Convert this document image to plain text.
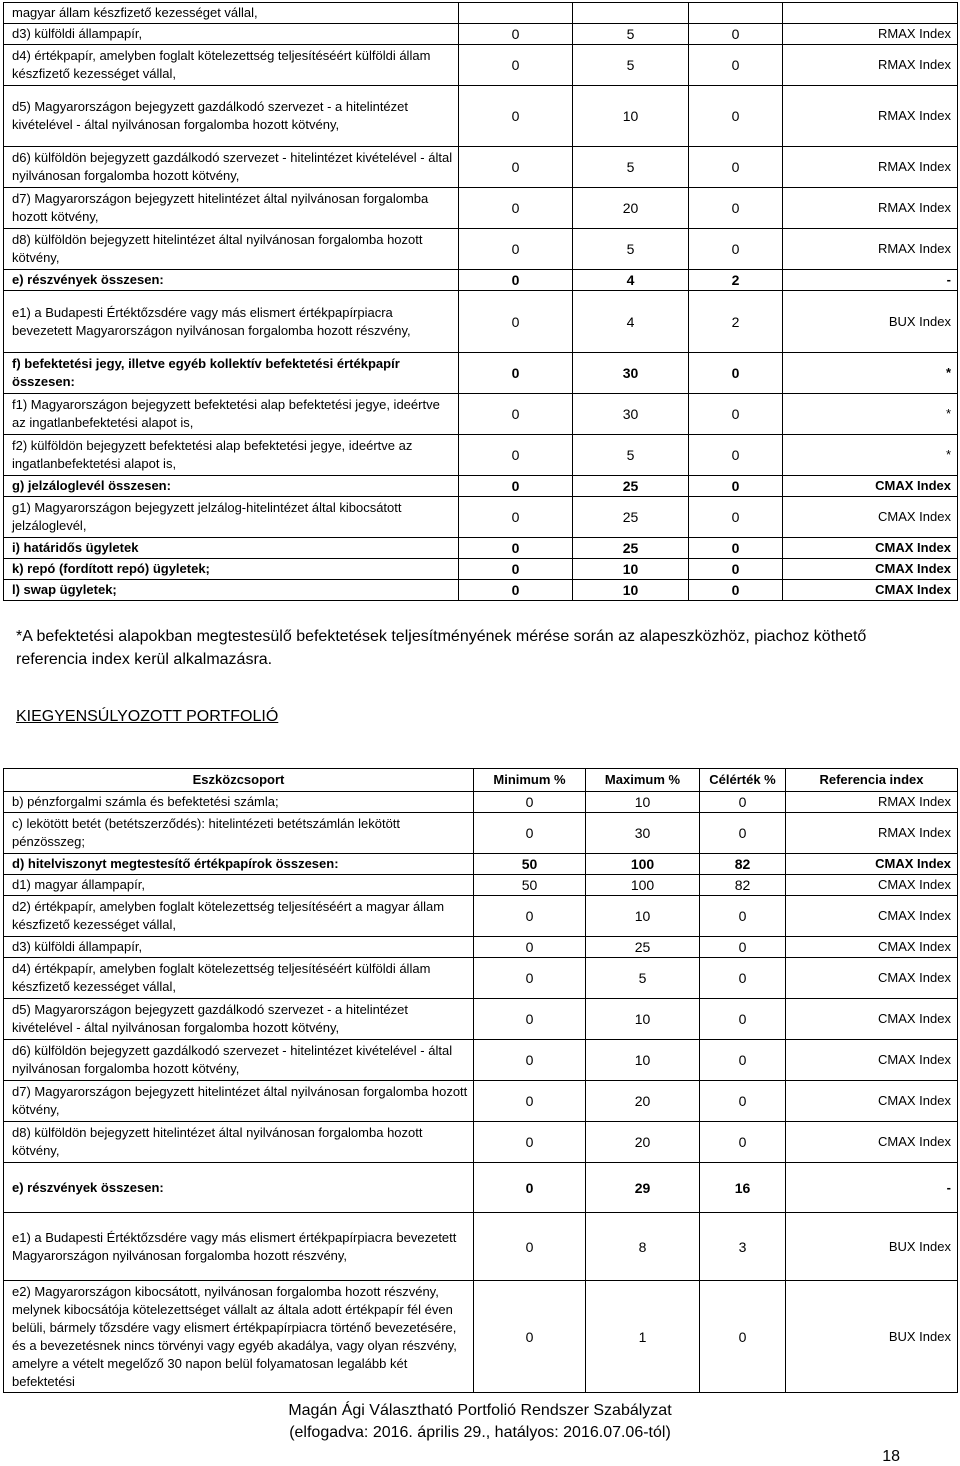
magyar állam készfizető kezességet vállal,				
d3) külföldi állampapír,	0	5	0	RMAX Index
d4) értékpapír, amelyben foglalt kötelezettség teljesítéséért külföldi állam készfizető kezességet vállal,	0	5	0	RMAX Index
d5) Magyarországon bejegyzett gazdálkodó szervezet - a hitelintézet kivételével - által nyilvánosan forgalomba hozott kötvény,	0	10	0	RMAX Index
d6) külföldön bejegyzett gazdálkodó szervezet - hitelintézet kivételével - által nyilvánosan forgalomba hozott kötvény,	0	5	0	RMAX Index
d7) Magyarországon bejegyzett hitelintézet által nyilvánosan forgalomba hozott kötvény,	0	20	0	RMAX Index
d8) külföldön bejegyzett hitelintézet által nyilvánosan forgalomba hozott kötvény,	0	5	0	RMAX Index
e) részvények összesen:	0	4	2	-
e1) a Budapesti Értéktőzsdére vagy más elismert értékpapírpiacra bevezetett Magyarországon nyilvánosan forgalomba hozott részvény,	0	4	2	BUX Index
f) befektetési jegy, illetve egyéb kollektív befektetési értékpapír összesen:	0	30	0	*
f1) Magyarországon bejegyzett befektetési alap befektetési jegye, ideértve az ingatlanbefektetési alapot is,	0	30	0	*
f2) külföldön bejegyzett befektetési alap befektetési jegye, ideértve az ingatlanbefektetési alapot is,	0	5	0	*
g) jelzáloglevél összesen:	0	25	0	CMAX Index
g1) Magyarországon bejegyzett jelzálog-hitelintézet által kibocsátott jelzáloglevél,	0	25	0	CMAX Index
i) határidős ügyletek	0	25	0	CMAX Index
k) repó (fordított repó) ügyletek;	0	10	0	CMAX Index
l) swap ügyletek;	0	10	0	CMAX Index
*A befektetési alapokban megtestesülő befektetések teljesítményének mérése során az alapeszközhöz, piachoz köthető referencia index kerül alkalmazásra.
KIEGYENSÚLYOZOTT PORTFOLIÓ
Eszközcsoport	Minimum %	Maximum %	Célérték %	Referencia index
b) pénzforgalmi számla és befektetési számla;	0	10	0	RMAX Index
c) lekötött betét (betétszerződés): hitelintézeti betétszámlán lekötött pénzösszeg;	0	30	0	RMAX Index
d) hitelviszonyt megtestesítő értékpapírok összesen:	50	100	82	CMAX Index
d1) magyar állampapír,	50	100	82	CMAX Index
d2) értékpapír, amelyben foglalt kötelezettség teljesítéséért a magyar állam készfizető kezességet vállal,	0	10	0	CMAX Index
d3) külföldi állampapír,	0	25	0	CMAX Index
d4) értékpapír, amelyben foglalt kötelezettség teljesítéséért külföldi állam készfizető kezességet vállal,	0	5	0	CMAX Index
d5) Magyarországon bejegyzett gazdálkodó szervezet - a hitelintézet kivételével - által nyilvánosan forgalomba hozott kötvény,	0	10	0	CMAX Index
d6) külföldön bejegyzett gazdálkodó szervezet - hitelintézet kivételével - által nyilvánosan forgalomba hozott kötvény,	0	10	0	CMAX Index
d7) Magyarországon bejegyzett hitelintézet által nyilvánosan forgalomba hozott kötvény,	0	20	0	CMAX Index
d8) külföldön bejegyzett hitelintézet által nyilvánosan forgalomba hozott kötvény,	0	20	0	CMAX Index
e) részvények összesen:	0	29	16	-
e1) a Budapesti Értéktőzsdére vagy más elismert értékpapírpiacra bevezetett Magyarországon nyilvánosan forgalomba hozott részvény,	0	8	3	BUX Index
e2) Magyarországon kibocsátott, nyilvánosan forgalomba hozott részvény, melynek kibocsátója kötelezettséget vállalt az általa adott értékpapír fél éven belüli, bármely tőzsdére vagy elismert értékpapírpiacra történő bevezetésére, és a bevezetésnek nincs törvényi vagy egyéb akadálya, vagy olyan részvény, amelyre a vételt megelőző 30 napon belül folyamatosan legalább két befektetési	0	1	0	BUX Index
Magán Ági Választható Portfolió Rendszer Szabályzat
(elfogadva: 2016. április 29., hatályos: 2016.07.06-tól)
18
